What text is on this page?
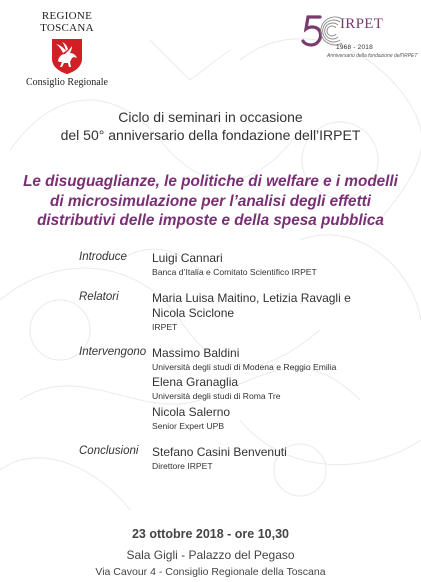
REGIONE TOSCANA
Consiglio Regionale
IRPET
1968 - 2018
Anniversario della fondazione dell'IRPET
Ciclo di seminari in occasione
del 50° anniversario della fondazione dell’IRPET
Le disuguaglianze, le politiche di welfare e i modelli
di microsimulazione per l’analisi degli effetti
distributivi delle imposte e della spesa pubblica
Introduce Luigi Cannari
Banca d’Italia e Comitato Scientifico IRPET
Relatori	Maria Luisa Maitino, Letizia Ravagli e
Nicola Sciclone
IRPET
Intervengono Massimo Baldini
Università degli studi di Modena e Reggio Emilia
Elena Granaglia
Università degli studi di Roma Tre
Nicola Salerno
Senior Expert UPB
Conclusioni Stefano Casini Benvenuti
Direttore IRPET
23 ottobre 2018 - ore 10,30
Sala Gigli - Palazzo del Pegaso
Via Cavour 4 - Consiglio Regionale della Toscana
